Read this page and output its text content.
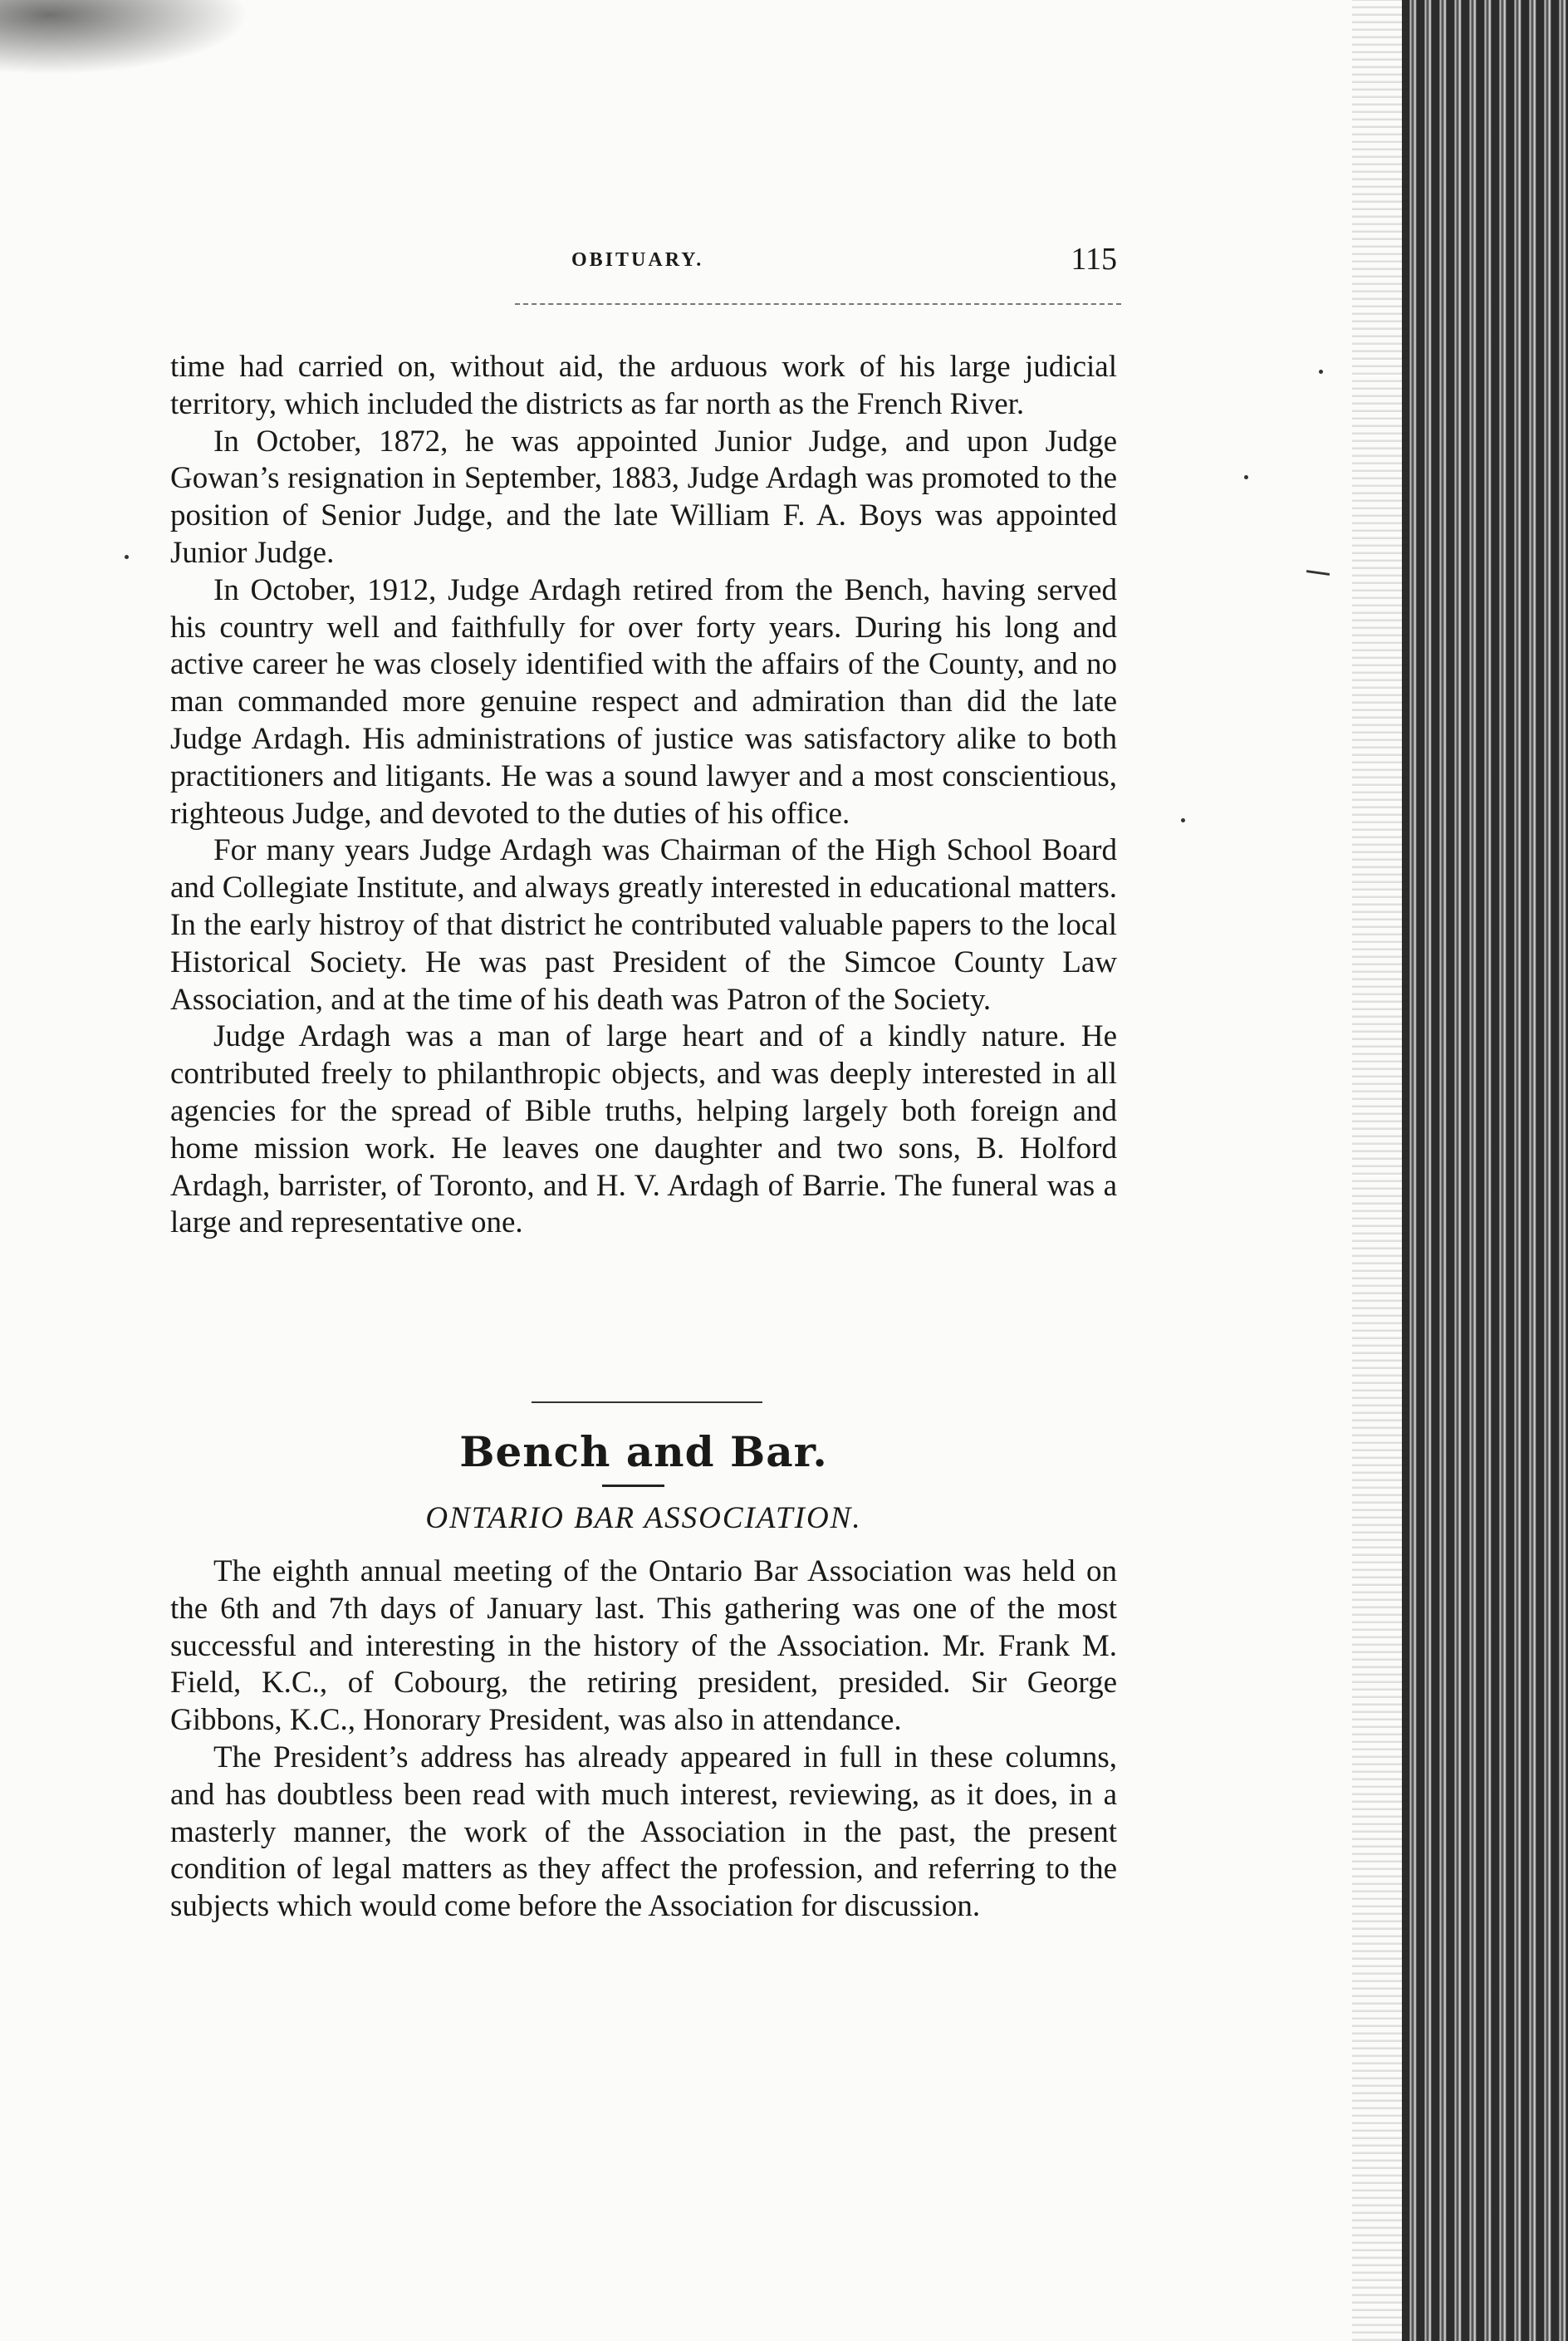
OBITUARY.	115

time had carried on, without aid, the arduous work of his large judicial territory, which included the districts as far north as the French River.

In October, 1872, he was appointed Junior Judge, and upon Judge Gowan’s resignation in September, 1883, Judge Ardagh was promoted to the position of Senior Judge, and the late William F. A. Boys was appointed Junior Judge.

In October, 1912, Judge Ardagh retired from the Bench, having served his country well and faithfully for over forty years. During his long and active career he was closely identified with the affairs of the County, and no man commanded more genuine respect and admiration than did the late Judge Ardagh. His administrations of justice was satisfactory alike to both practitioners and litigants. He was a sound lawyer and a most conscientious, righteous Judge, and devoted to the duties of his office.

For many years Judge Ardagh was Chairman of the High School Board and Collegiate Institute, and always greatly interested in educational matters. In the early histroy of that district he contributed valuable papers to the local Historical Society. He was past President of the Simcoe County Law Association, and at the time of his death was Patron of the Society.

Judge Ardagh was a man of large heart and of a kindly nature. He contributed freely to philanthropic objects, and was deeply interested in all agencies for the spread of Bible truths, helping largely both foreign and home mission work. He leaves one daughter and two sons, B. Holford Ardagh, barrister, of Toronto, and H. V. Ardagh of Barrie. The funeral was a large and representative one.

Bench and Bar.
ONTARIO BAR ASSOCIATION.

The eighth annual meeting of the Ontario Bar Association was held on the 6th and 7th days of January last. This gathering was one of the most successful and interesting in the history of the Association. Mr. Frank M. Field, K.C., of Cobourg, the retiring president, presided. Sir George Gibbons, K.C., Honorary President, was also in attendance.

The President’s address has already appeared in full in these columns, and has doubtless been read with much interest, reviewing, as it does, in a masterly manner, the work of the Association in the past, the present condition of legal matters as they affect the profession, and referring to the subjects which would come before the Association for discussion.
